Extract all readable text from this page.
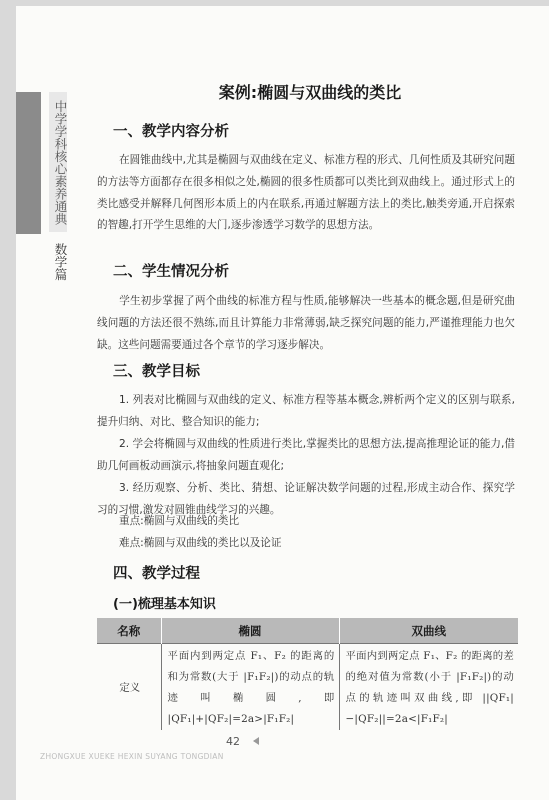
中学学科核心素养通典
数学篇
案例:椭圆与双曲线的类比
一、教学内容分析

在圆锥曲线中,尤其是椭圆与双曲线在定义、标准方程的形式、几何性质及其研究问题的方法等方面都存在很多相似之处,椭圆的很多性质都可以类比到双曲线上。通过形式上的类比感受并解释几何图形本质上的内在联系,再通过解题方法上的类比,触类旁通,开启探索的智趣,打开学生思维的大门,逐步渗透学习数学的思想方法。

二、学生情况分析

学生初步掌握了两个曲线的标准方程与性质,能够解决一些基本的概念题,但是研究曲线问题的方法还很不熟练,而且计算能力非常薄弱,缺乏探究问题的能力,严谨推理能力也欠缺。这些问题需要通过各个章节的学习逐步解决。

三、教学目标

1. 列表对比椭圆与双曲线的定义、标准方程等基本概念,辨析两个定义的区别与联系,提升归纳、对比、整合知识的能力;

2. 学会将椭圆与双曲线的性质进行类比,掌握类比的思想方法,提高推理论证的能力,借助几何画板动画演示,将抽象问题直观化;

3. 经历观察、分析、类比、猜想、论证解决数学问题的过程,形成主动合作、探究学习的习惯,激发对圆锥曲线学习的兴趣。

重点:椭圆与双曲线的类比

难点:椭圆与双曲线的类比以及论证

四、教学过程
(一)梳理基本知识
名称	椭圆	双曲线
定义	平面内到两定点 F₁、F₂ 的距离的和为常数(大于 |F₁F₂|)的动点的轨迹叫椭圆,即 |QF₁|+|QF₂|=2a>|F₁F₂|	平面内到两定点 F₁、F₂ 的距离的差的绝对值为常数(小于 |F₁F₂|)的动点的轨迹叫双曲线,即 ||QF₁|−|QF₂||=2a<|F₁F₂|

42

ZHONGXUE XUEKE HEXIN SUYANG TONGDIAN
